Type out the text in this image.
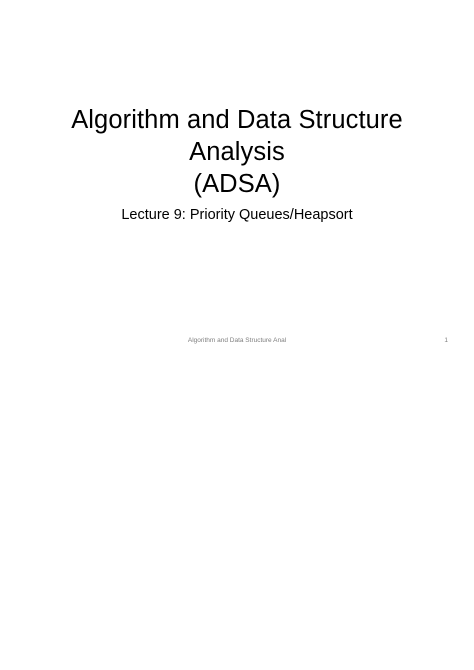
Algorithm and Data Structure
Analysis
(ADSA)
Lecture 9: Priority Queues/Heapsort
Algorithm and Data Structure Anal	1
